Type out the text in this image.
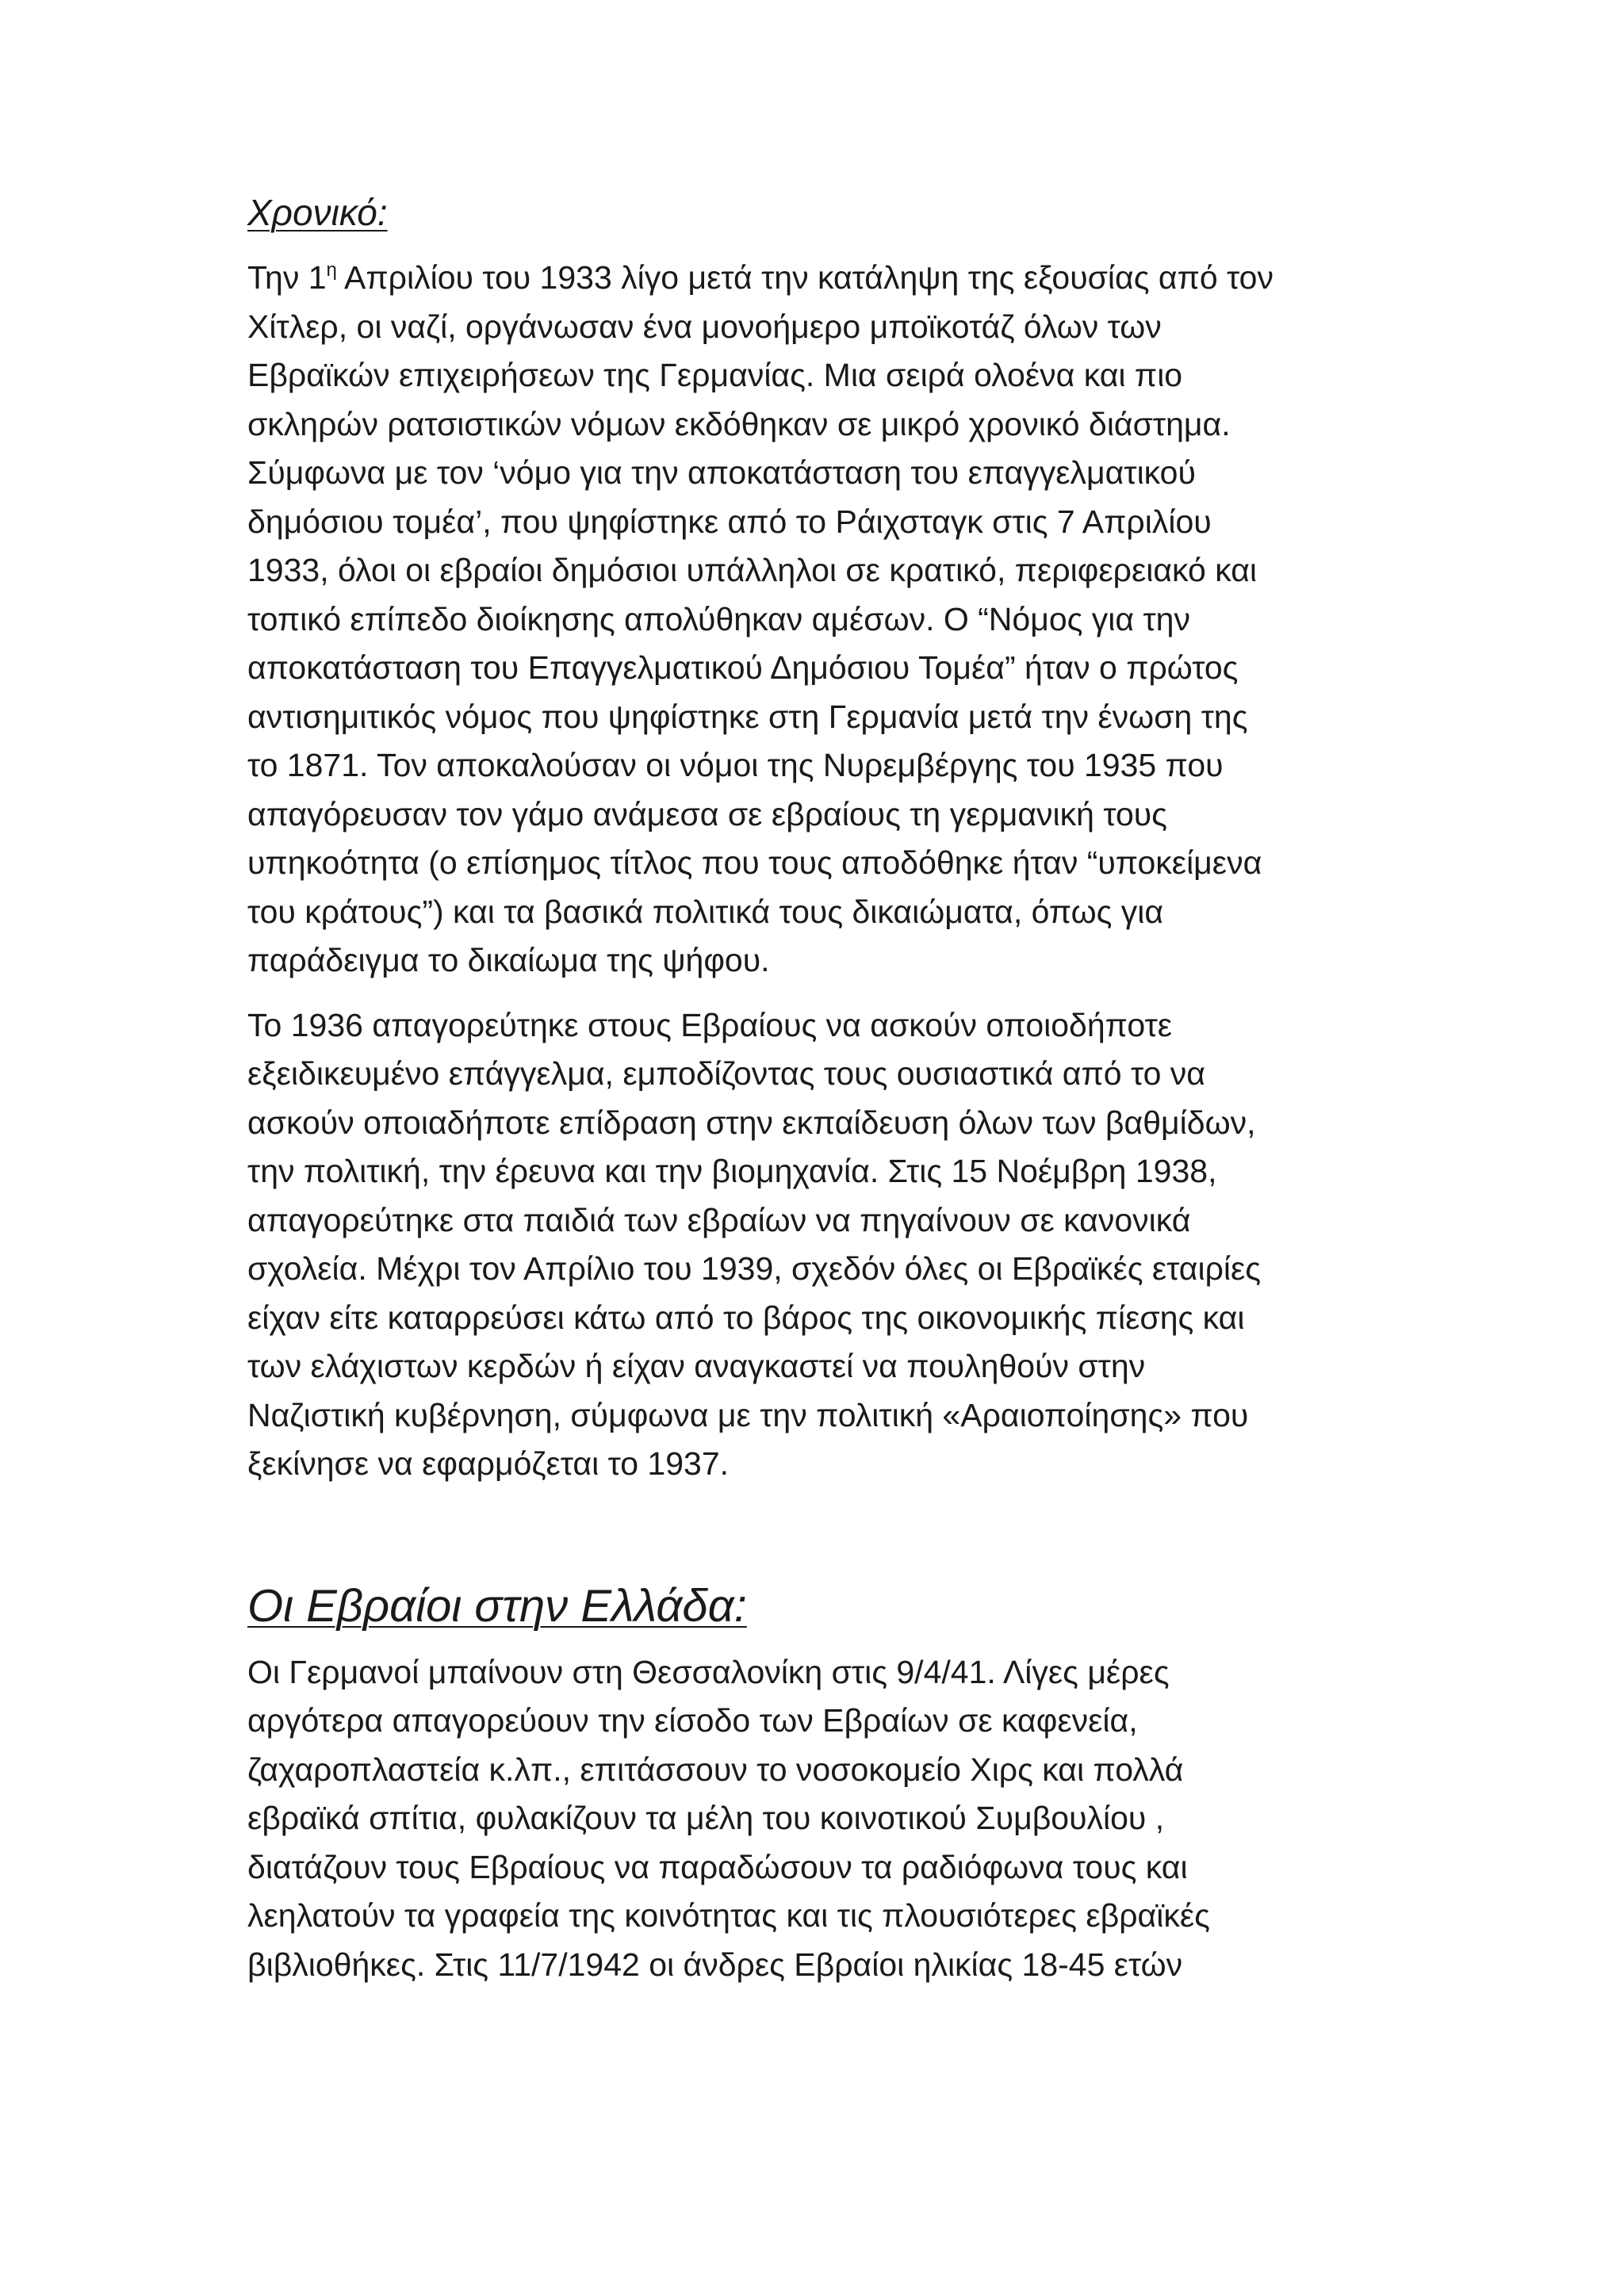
Χρονικό:

Την $1^\eta$ Απριλίου του 1933 λίγο μετά την κατάληψη της εξουσίας από τον
Χίτλερ, οι ναζί, οργάνωσαν ένα μονοήμερο μποϊκοτάζ όλων των
Εβραϊκών επιχειρήσεων της Γερμανίας. Μια σειρά ολοένα και πιο
σκληρών ρατσιστικών νόμων εκδόθηκαν σε μικρό χρονικό διάστημα.
Σύμφωνα με τον ‘νόμο για την αποκατάσταση του επαγγελματικού
δημόσιου τομέα’, που ψηφίστηκε από το Ράιχσταγκ στις 7 Απριλίου
1933, όλοι οι εβραίοι δημόσιοι υπάλληλοι σε κρατικό, περιφερειακό και
τοπικό επίπεδο διοίκησης απολύθηκαν αμέσων. Ο “Νόμος για την
αποκατάσταση του Επαγγελματικού Δημόσιου Τομέα” ήταν ο πρώτος
αντισημιτικός νόμος που ψηφίστηκε στη Γερμανία μετά την ένωση της
το 1871. Τον αποκαλούσαν οι νόμοι της Νυρεμβέργης του 1935 που
απαγόρευσαν τον γάμο ανάμεσα σε εβραίους τη γερμανική τους
υπηκοότητα (ο επίσημος τίτλος που τους αποδόθηκε ήταν “υποκείμενα
του κράτους”) και τα βασικά πολιτικά τους δικαιώματα, όπως για
παράδειγμα το δικαίωμα της ψήφου.

Το 1936 απαγορεύτηκε στους Εβραίους να ασκούν οποιοδήποτε
εξειδικευμένο επάγγελμα, εμποδίζοντας τους ουσιαστικά από το να
ασκούν οποιαδήποτε επίδραση στην εκπαίδευση όλων των βαθμίδων,
την πολιτική, την έρευνα και την βιομηχανία. Στις 15 Νοέμβρη 1938,
απαγορεύτηκε στα παιδιά των εβραίων να πηγαίνουν σε κανονικά
σχολεία. Μέχρι τον Απρίλιο του 1939, σχεδόν όλες οι Εβραϊκές εταιρίες
είχαν είτε καταρρεύσει κάτω από το βάρος της οικονομικής πίεσης και
των ελάχιστων κερδών ή είχαν αναγκαστεί να πουληθούν στην
Ναζιστική κυβέρνηση, σύμφωνα με την πολιτική «Αραιοποίησης» που
ξεκίνησε να εφαρμόζεται το 1937.

Οι Εβραίοι στην Ελλάδα:

Οι Γερμανοί μπαίνουν στη Θεσσαλονίκη στις 9/4/41. Λίγες μέρες
αργότερα απαγορεύουν την είσοδο των Εβραίων σε καφενεία,
ζαχαροπλαστεία κ.λπ., επιτάσσουν το νοσοκομείο Χιρς και πολλά
εβραϊκά σπίτια, φυλακίζουν τα μέλη του κοινοτικού Συμβουλίου ,
διατάζουν τους Εβραίους να παραδώσουν τα ραδιόφωνα τους και
λεηλατούν τα γραφεία της κοινότητας και τις πλουσιότερες εβραϊκές
βιβλιοθήκες. Στις 11/7/1942 οι άνδρες Εβραίοι ηλικίας 18-45 ετών
